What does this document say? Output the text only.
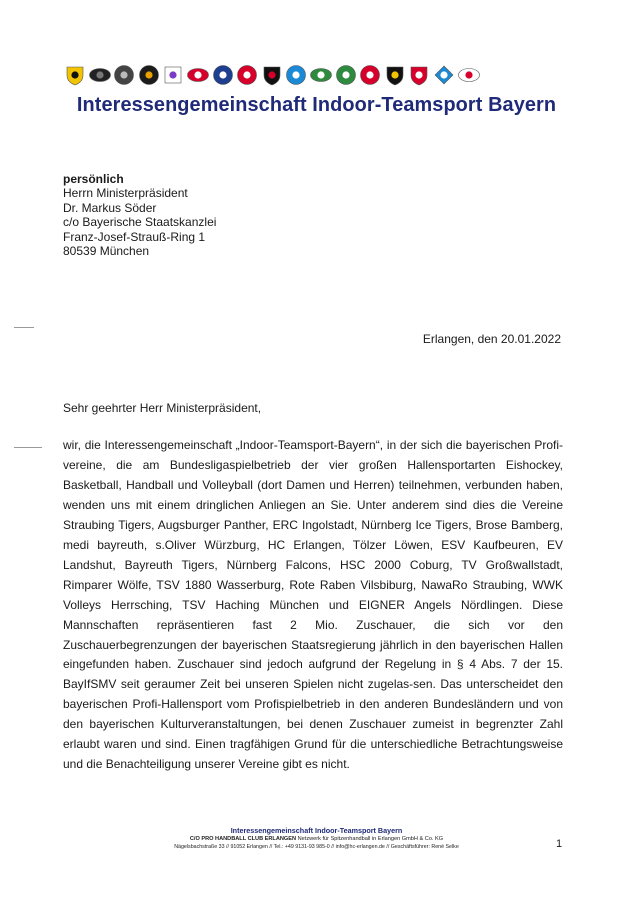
Interessengemeinschaft Indoor-Teamsport Bayern
persönlich
Herrn Ministerpräsident
Dr. Markus Söder
c/o Bayerische Staatskanzlei
Franz-Josef-Strauß-Ring 1
80539 München
Erlangen, den 20.01.2022
Sehr geehrter Herr Ministerpräsident,
wir, die Interessengemeinschaft „Indoor-Teamsport-Bayern“, in der sich die bayerischen Profi-vereine, die am Bundesligaspielbetrieb der vier großen Hallensportarten Eishockey, Basketball, Handball und Volleyball (dort Damen und Herren) teilnehmen, verbunden haben, wenden uns mit einem dringlichen Anliegen an Sie. Unter anderem sind dies die Vereine Straubing Tigers, Augsburger Panther, ERC Ingolstadt, Nürnberg Ice Tigers, Brose Bamberg, medi bayreuth, s.Oliver Würzburg, HC Erlangen, Tölzer Löwen, ESV Kaufbeuren, EV Landshut, Bayreuth Tigers, Nürnberg Falcons, HSC 2000 Coburg, TV Großwallstadt, Rimparer Wölfe, TSV 1880 Wasserburg, Rote Raben Vilsbiburg, NawaRo Straubing, WWK Volleys Herrsching, TSV Haching München und EIGNER Angels Nördlingen. Diese Mannschaften repräsentieren fast 2 Mio. Zuschauer, die sich vor den Zuschauerbegrenzungen der bayerischen Staatsregierung jährlich in den bayerischen Hallen eingefunden haben. Zuschauer sind jedoch aufgrund der Regelung in § 4 Abs. 7 der 15. BayIfSMV seit geraumer Zeit bei unseren Spielen nicht zugelas-sen. Das unterscheidet den bayerischen Profi-Hallensport vom Profispielbetrieb in den anderen Bundesländern und von den bayerischen Kulturveranstaltungen, bei denen Zuschauer zumeist in begrenzter Zahl erlaubt waren und sind. Einen tragfähigen Grund für die unterschiedliche Betrachtungsweise und die Benachteiligung unserer Vereine gibt es nicht.
Interessengemeinschaft Indoor-Teamsport Bayern
C/O PRO HANDBALL CLUB ERLANGEN Netzwerk für Spitzenhandball in Erlangen GmbH & Co. KG
Nägelsbachstraße 33 // 91052 Erlangen // Tel.: +49 9131-93 985-0 // info@hc-erlangen.de // Geschäftsführer: René Selke	1
